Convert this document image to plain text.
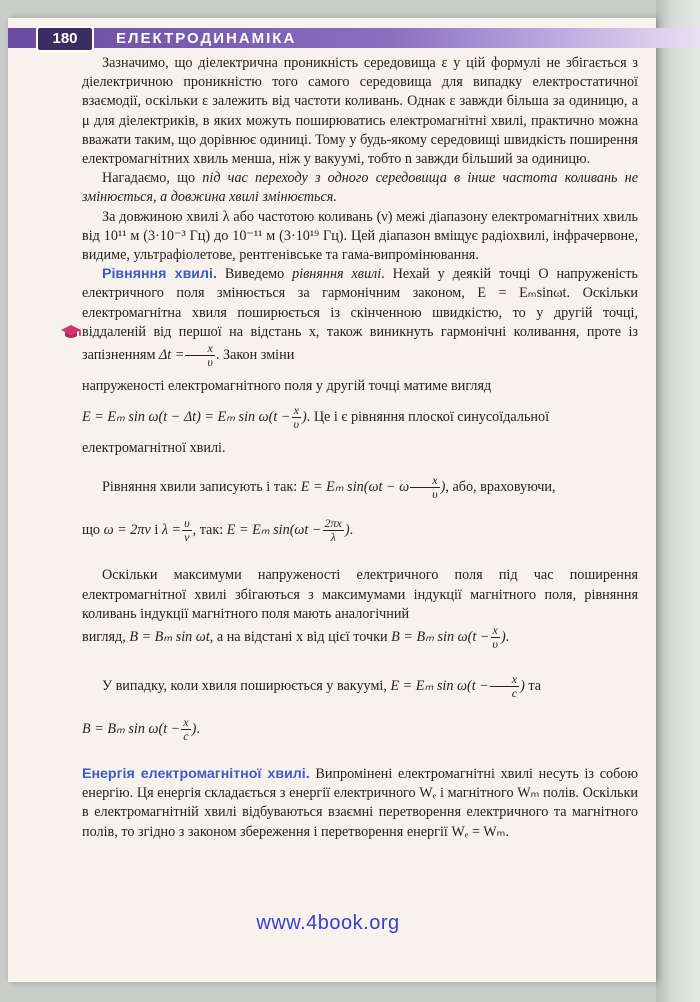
180	ЕЛЕКТРОДИНАМІКА

Зазначимо, що діелектрична проникність середовища ε у цій формулі не збігається з діелектричною проникністю того самого середовища для випадку електростатичної взаємодії, оскільки ε залежить від частоти коливань. Однак ε завжди більша за одиницю, а μ для діелектриків, в яких можуть поширюватись електромагнітні хвилі, практично можна вважати таким, що дорівнює одиниці. Тому у будь-якому середовищі швидкість поширення електромагнітних хвиль менша, ніж у вакуумі, тобто n завжди більший за одиницю.

Нагадаємо, що під час переходу з одного середовища в інше частота коливань не змінюється, а довжина хвилі змінюється.

За довжиною хвилі λ або частотою коливань (ν) межі діапазону електромагнітних хвиль від 10¹¹ м (3·10⁻³ Гц) до 10⁻¹¹ м (3·10¹⁹ Гц). Цей діапазон вміщує радіохвилі, інфрачервоне, видиме, ультрафіолетове, рентгенівське та гама-випромінювання.

Рівняння хвилі. Виведемо рівняння хвилі. Нехай у деякій точці O напруженість електричного поля змінюється за гармонічним законом, E = Eₘsinωt. Оскільки електромагнітна хвиля поширюється із скінченною швидкістю, то у другій точці, віддаленій від першої на відстань x, також виникнуть гармонічні коливання, проте із запізненням $\Delta t = \frac{x}{\upsilon}$ . Закон зміни

напруженості електромагнітного поля у другій точці матиме вигляд

E = Eₘ sin ω(t − Δt) = Eₘ $\sin \omega(t - \frac{x}{\upsilon}$ ). Це і є рівняння плоскої синусоїдальної

електромагнітної хвилі.

Рівняння хвили записують і так: E = Eₘ sin(ωt − ω $\frac{x}{\upsilon}$ ), або, враховуючи,

що ω = 2πν і $\lambda = \frac{\upsilon}{\nu}$ , так: E = Eₘ $\sin(\omega t - \frac{2\pi x}{\lambda}$ ).

Оскільки максимуми напруженості електричного поля під час поширення електромагнітної хвилі збігаються з максимумами індукції магнітного поля, рівняння коливань індукції магнітного поля мають аналогічний

вигляд, B = Bₘ sin ωt, а на відстані x від цієї точки B = Bₘ $\sin \omega(t - \frac{x}{\upsilon}$ ).

У випадку, коли хвиля поширюється у вакуумі, E = Eₘ $\sin \omega(t - \frac{x}{c}$ ) та

B = Bₘ $\sin \omega(t - \frac{x}{c}$ ).

Енергія електромагнітної хвилі. Випромінені електромагнітні хвилі несуть із собою енергію. Ця енергія складається з енергії електричного Wₑ і магнітного Wₘ полів. Оскільки в електромагнітній хвилі відбуваються взаємні перетворення електричного та магнітного полів, то згідно з законом збереження і перетворення енергії Wₑ = Wₘ.

www.4book.org
